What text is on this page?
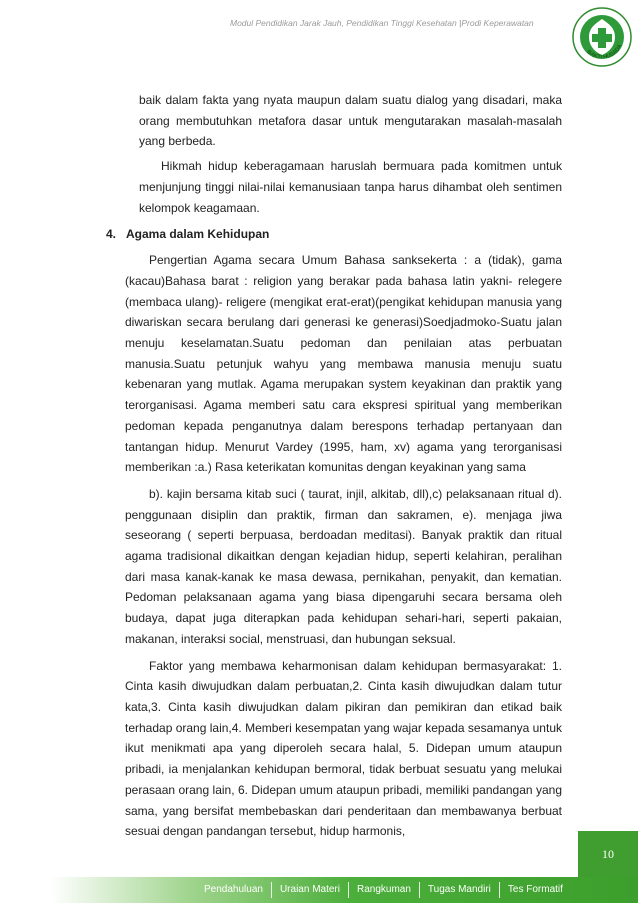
Modul Pendidikan Jarak Jauh, Pendidikan Tinggi Kesehatan |Prodi Keperawatan
BAKTI HUSADA

baik dalam fakta yang nyata maupun dalam suatu dialog yang disadari, maka orang membutuhkan metafora dasar untuk mengutarakan masalah-masalah yang berbeda.

Hikmah hidup keberagamaan haruslah bermuara pada komitmen untuk menjunjung tinggi nilai-nilai kemanusiaan tanpa harus dihambat oleh sentimen kelompok keagamaan.

4. Agama dalam Kehidupan

Pengertian Agama secara Umum Bahasa sanksekerta : a (tidak), gama (kacau)Bahasa barat : religion yang berakar pada bahasa latin yakni- relegere (membaca ulang)- religere (mengikat erat-erat)(pengikat kehidupan manusia yang diwariskan secara berulang dari generasi ke generasi)Soedjadmoko-Suatu jalan menuju keselamatan.Suatu pedoman dan penilaian atas perbuatan manusia.Suatu petunjuk wahyu yang membawa manusia menuju suatu kebenaran yang mutlak. Agama merupakan system keyakinan dan praktik yang terorganisasi. Agama memberi satu cara ekspresi spiritual yang memberikan pedoman kepada penganutnya dalam berespons terhadap pertanyaan dan tantangan hidup. Menurut Vardey (1995, ham, xv) agama yang terorganisasi memberikan :a.) Rasa keterikatan komunitas dengan keyakinan yang sama

b). kajin bersama kitab suci ( taurat, injil, alkitab, dll),c) pelaksanaan ritual d). penggunaan disiplin dan praktik, firman dan sakramen, e). menjaga jiwa seseorang ( seperti berpuasa, berdoadan meditasi). Banyak praktik dan ritual agama tradisional dikaitkan dengan kejadian hidup, seperti kelahiran, peralihan dari masa kanak-kanak ke masa dewasa, pernikahan, penyakit, dan kematian. Pedoman pelaksanaan agama yang biasa dipengaruhi secara bersama oleh budaya, dapat juga diterapkan pada kehidupan sehari-hari, seperti pakaian, makanan, interaksi social, menstruasi, dan hubungan seksual.

Faktor yang membawa keharmonisan dalam kehidupan bermasyarakat: 1. Cinta kasih diwujudkan dalam perbuatan,2. Cinta kasih diwujudkan dalam tutur kata,3. Cinta kasih diwujudkan dalam pikiran dan pemikiran dan etikad baik terhadap orang lain,4. Memberi kesempatan yang wajar kepada sesamanya untuk ikut menikmati apa yang diperoleh secara halal, 5. Didepan umum ataupun pribadi, ia menjalankan kehidupan bermoral, tidak berbuat sesuatu yang melukai perasaan orang lain, 6. Didepan umum ataupun pribadi, memiliki pandangan yang sama, yang bersifat membebaskan dari penderitaan dan membawanya berbuat sesuai dengan pandangan tersebut, hidup harmonis,

10
Pendahuluan	Uraian Materi	Rangkuman	Tugas Mandiri	Tes Formatif
